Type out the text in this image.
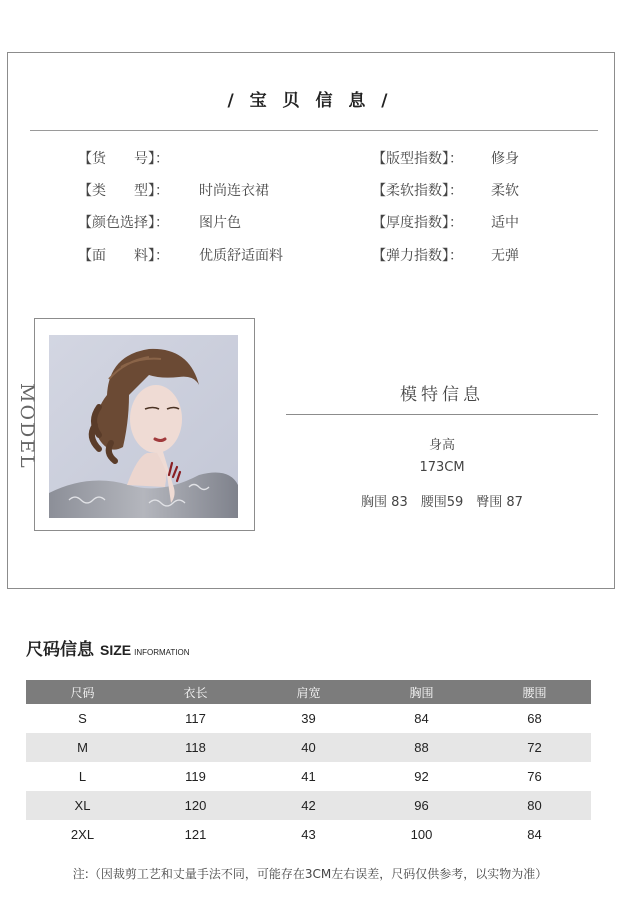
/ 宝 贝 信 息 /
【货　　号】：
【类　　型】： 时尚连衣裙
【颜色选择】： 图片色
【面　　料】： 优质舒适面料
【版型指数】： 修身
【柔软指数】： 柔软
【厚度指数】： 适中
【弹力指数】： 无弹
MODEL	模特信息
身高
173CM
胸围 83　腰围59　臀围 87
尺码信息 SIZE INFORMATION
尺码	衣长	肩宽	胸围	腰围
S	117	39	84	68
M	118	40	88	72
L	119	41	92	76
XL	120	42	96	80
2XL	121	43	100	84
注:（因裁剪工艺和丈量手法不同，可能存在3CM左右误差，尺码仅供参考，以实物为准）
